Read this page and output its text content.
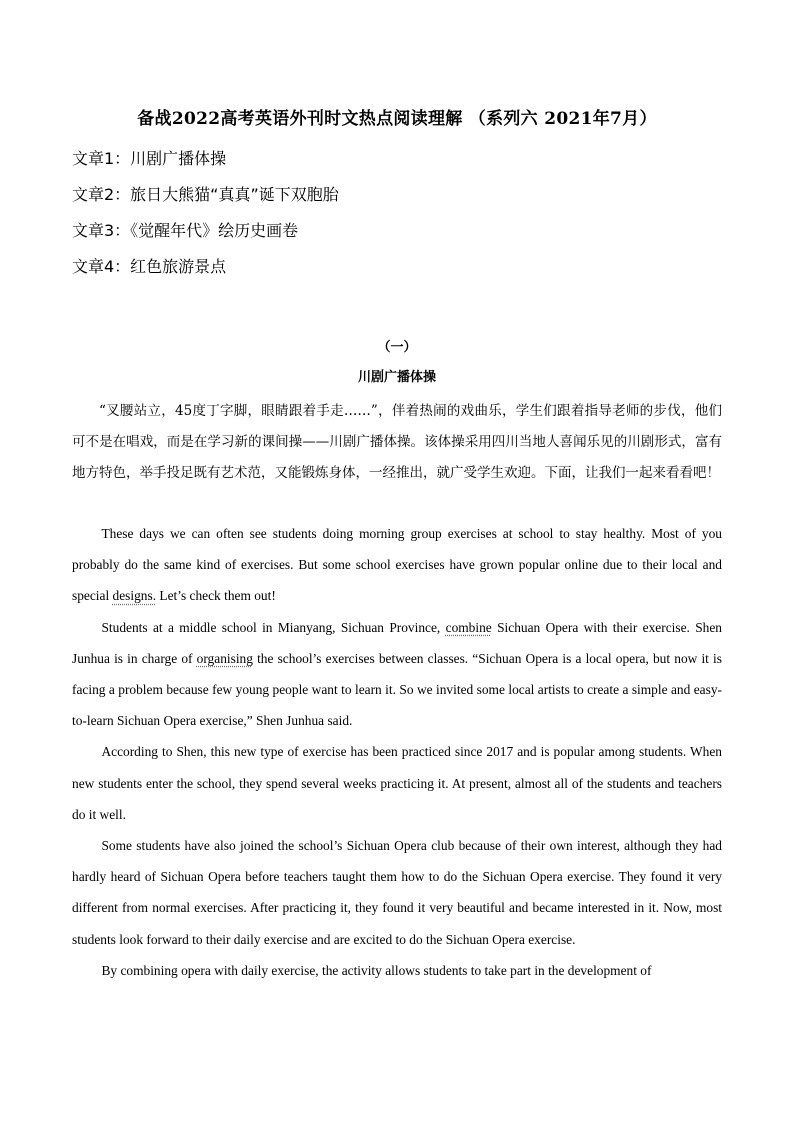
备战2022高考英语外刊时文热点阅读理解 （系列六 2021年7月）
文章1：川剧广播体操
文章2：旅日大熊猫“真真”诞下双胞胎
文章3：《觉醒年代》绘历史画卷
文章4：红色旅游景点
（一）
川剧广播体操

“叉腰站立，45度丁字脚，眼睛跟着手走……”，伴着热闹的戏曲乐，学生们跟着指导老师的步伐，他们可不是在唱戏，而是在学习新的课间操——川剧广播体操。该体操采用四川当地人喜闻乐见的川剧形式，富有地方特色，举手投足既有艺术范，又能锻炼身体，一经推出，就广受学生欢迎。下面，让我们一起来看看吧！

These days we can often see students doing morning group exercises at school to stay healthy. Most of you probably do the same kind of exercises. But some school exercises have grown popular online due to their local and special designs. Let’s check them out!

Students at a middle school in Mianyang, Sichuan Province, combine Sichuan Opera with their exercise. Shen Junhua is in charge of organising the school’s exercises between classes. “Sichuan Opera is a local opera, but now it is facing a problem because few young people want to learn it. So we invited some local artists to create a simple and easy-to-learn Sichuan Opera exercise,” Shen Junhua said.

According to Shen, this new type of exercise has been practiced since 2017 and is popular among students. When new students enter the school, they spend several weeks practicing it. At present, almost all of the students and teachers do it well.

Some students have also joined the school’s Sichuan Opera club because of their own interest, although they had hardly heard of Sichuan Opera before teachers taught them how to do the Sichuan Opera exercise. They found it very different from normal exercises. After practicing it, they found it very beautiful and became interested in it. Now, most students look forward to their daily exercise and are excited to do the Sichuan Opera exercise.

By combining opera with daily exercise, the activity allows students to take part in the development of
